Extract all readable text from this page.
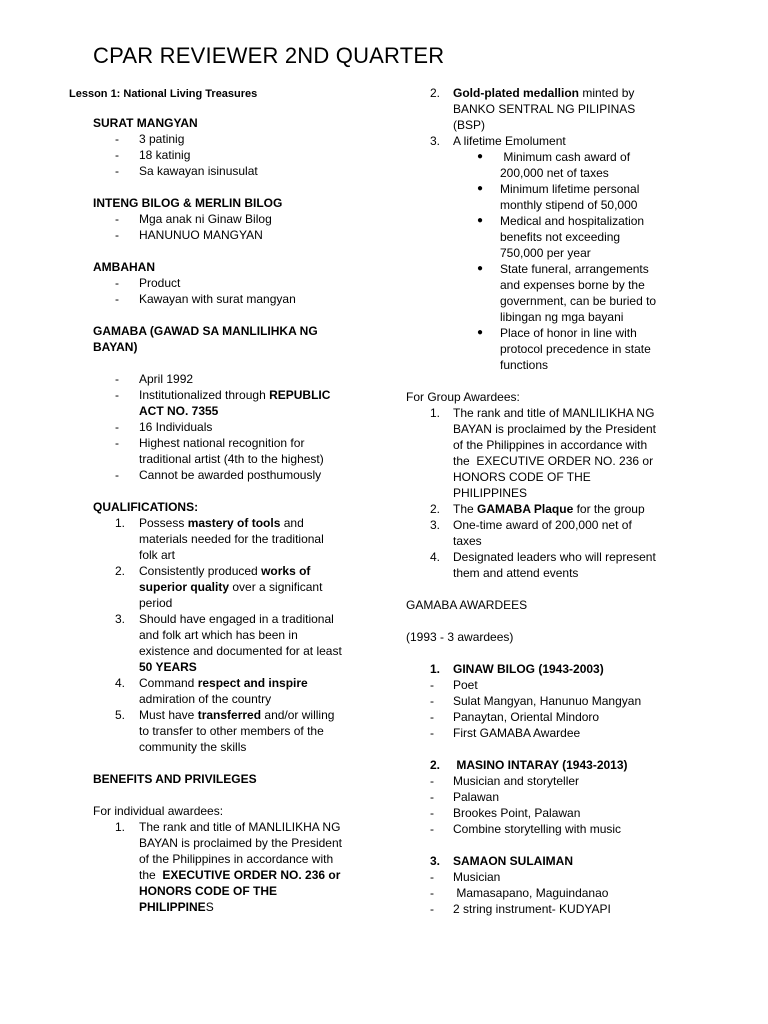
CPAR REVIEWER 2ND QUARTER
Lesson 1: National Living Treasures
SURAT MANGYAN
- 3 patinig
- 18 katinig
- Sa kawayan isinusulat
INTENG BILOG & MERLIN BILOG
- Mga anak ni Ginaw Bilog
- HANUNUO MANGYAN
AMBAHAN
- Product
- Kawayan with surat mangyan
GAMABA (GAWAD SA MANLILIHKA NG
BAYAN)
- April 1992
- Institutionalized through REPUBLIC
ACT NO. 7355
- 16 Individuals
- Highest national recognition for
traditional artist (4th to the highest)
- Cannot be awarded posthumously
QUALIFICATIONS:
1. Possess mastery of tools and
materials needed for the traditional
folk art
2. Consistently produced works of
superior quality over a significant
period
3. Should have engaged in a traditional
and folk art which has been in
existence and documented for at least
50 YEARS
4. Command respect and inspire
admiration of the country
5. Must have transferred and/or willing
to transfer to other members of the
community the skills
BENEFITS AND PRIVILEGES
For individual awardees:
1. The rank and title of MANLILIKHA NG
BAYAN is proclaimed by the President
of the Philippines in accordance with
the  EXECUTIVE ORDER NO. 236 or
HONORS CODE OF THE
PHILIPPINES
2. Gold-plated medallion minted by
BANKO SENTRAL NG PILIPINAS
(BSP)
3. A lifetime Emolument
● Minimum cash award of
200,000 net of taxes
● Minimum lifetime personal
monthly stipend of 50,000
● Medical and hospitalization
benefits not exceeding
750,000 per year
● State funeral, arrangements
and expenses borne by the
government, can be buried to
libingan ng mga bayani
● Place of honor in line with
protocol precedence in state
functions
For Group Awardees:
1. The rank and title of MANLILIKHA NG
BAYAN is proclaimed by the President
of the Philippines in accordance with
the  EXECUTIVE ORDER NO. 236 or
HONORS CODE OF THE
PHILIPPINES
2. The GAMABA Plaque for the group
3. One-time award of 200,000 net of
taxes
4. Designated leaders who will represent
them and attend events
GAMABA AWARDEES
(1993 - 3 awardees)
1. GINAW BILOG (1943-2003)
- Poet
- Sulat Mangyan, Hanunuo Mangyan
- Panaytan, Oriental Mindoro
- First GAMABA Awardee
2. MASINO INTARAY (1943-2013)
- Musician and storyteller
- Palawan
- Brookes Point, Palawan
- Combine storytelling with music
3. SAMAON SULAIMAN
- Musician
- Mamasapano, Maguindanao
- 2 string instrument- KUDYAPI
